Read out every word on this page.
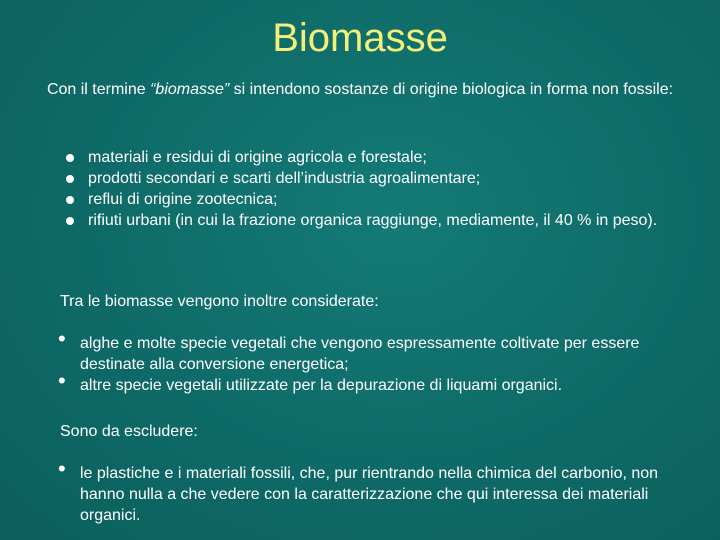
Biomasse
Con il termine “biomasse” si intendono sostanze di origine biologica in forma non fossile:
materiali e residui di origine agricola e forestale;
prodotti secondari e scarti dell’industria agroalimentare;
reflui di origine zootecnica;
rifiuti urbani (in cui la frazione organica raggiunge, mediamente, il 40 % in peso).
Tra le biomasse vengono inoltre considerate:
• alghe e molte specie vegetali che vengono espressamente coltivate per essere destinate alla conversione energetica;
• altre specie vegetali utilizzate per la depurazione di liquami organici.
Sono da escludere:
• le plastiche e i materiali fossili, che, pur rientrando nella chimica del carbonio, non hanno nulla a che vedere con la caratterizzazione che qui interessa dei materiali organici.
